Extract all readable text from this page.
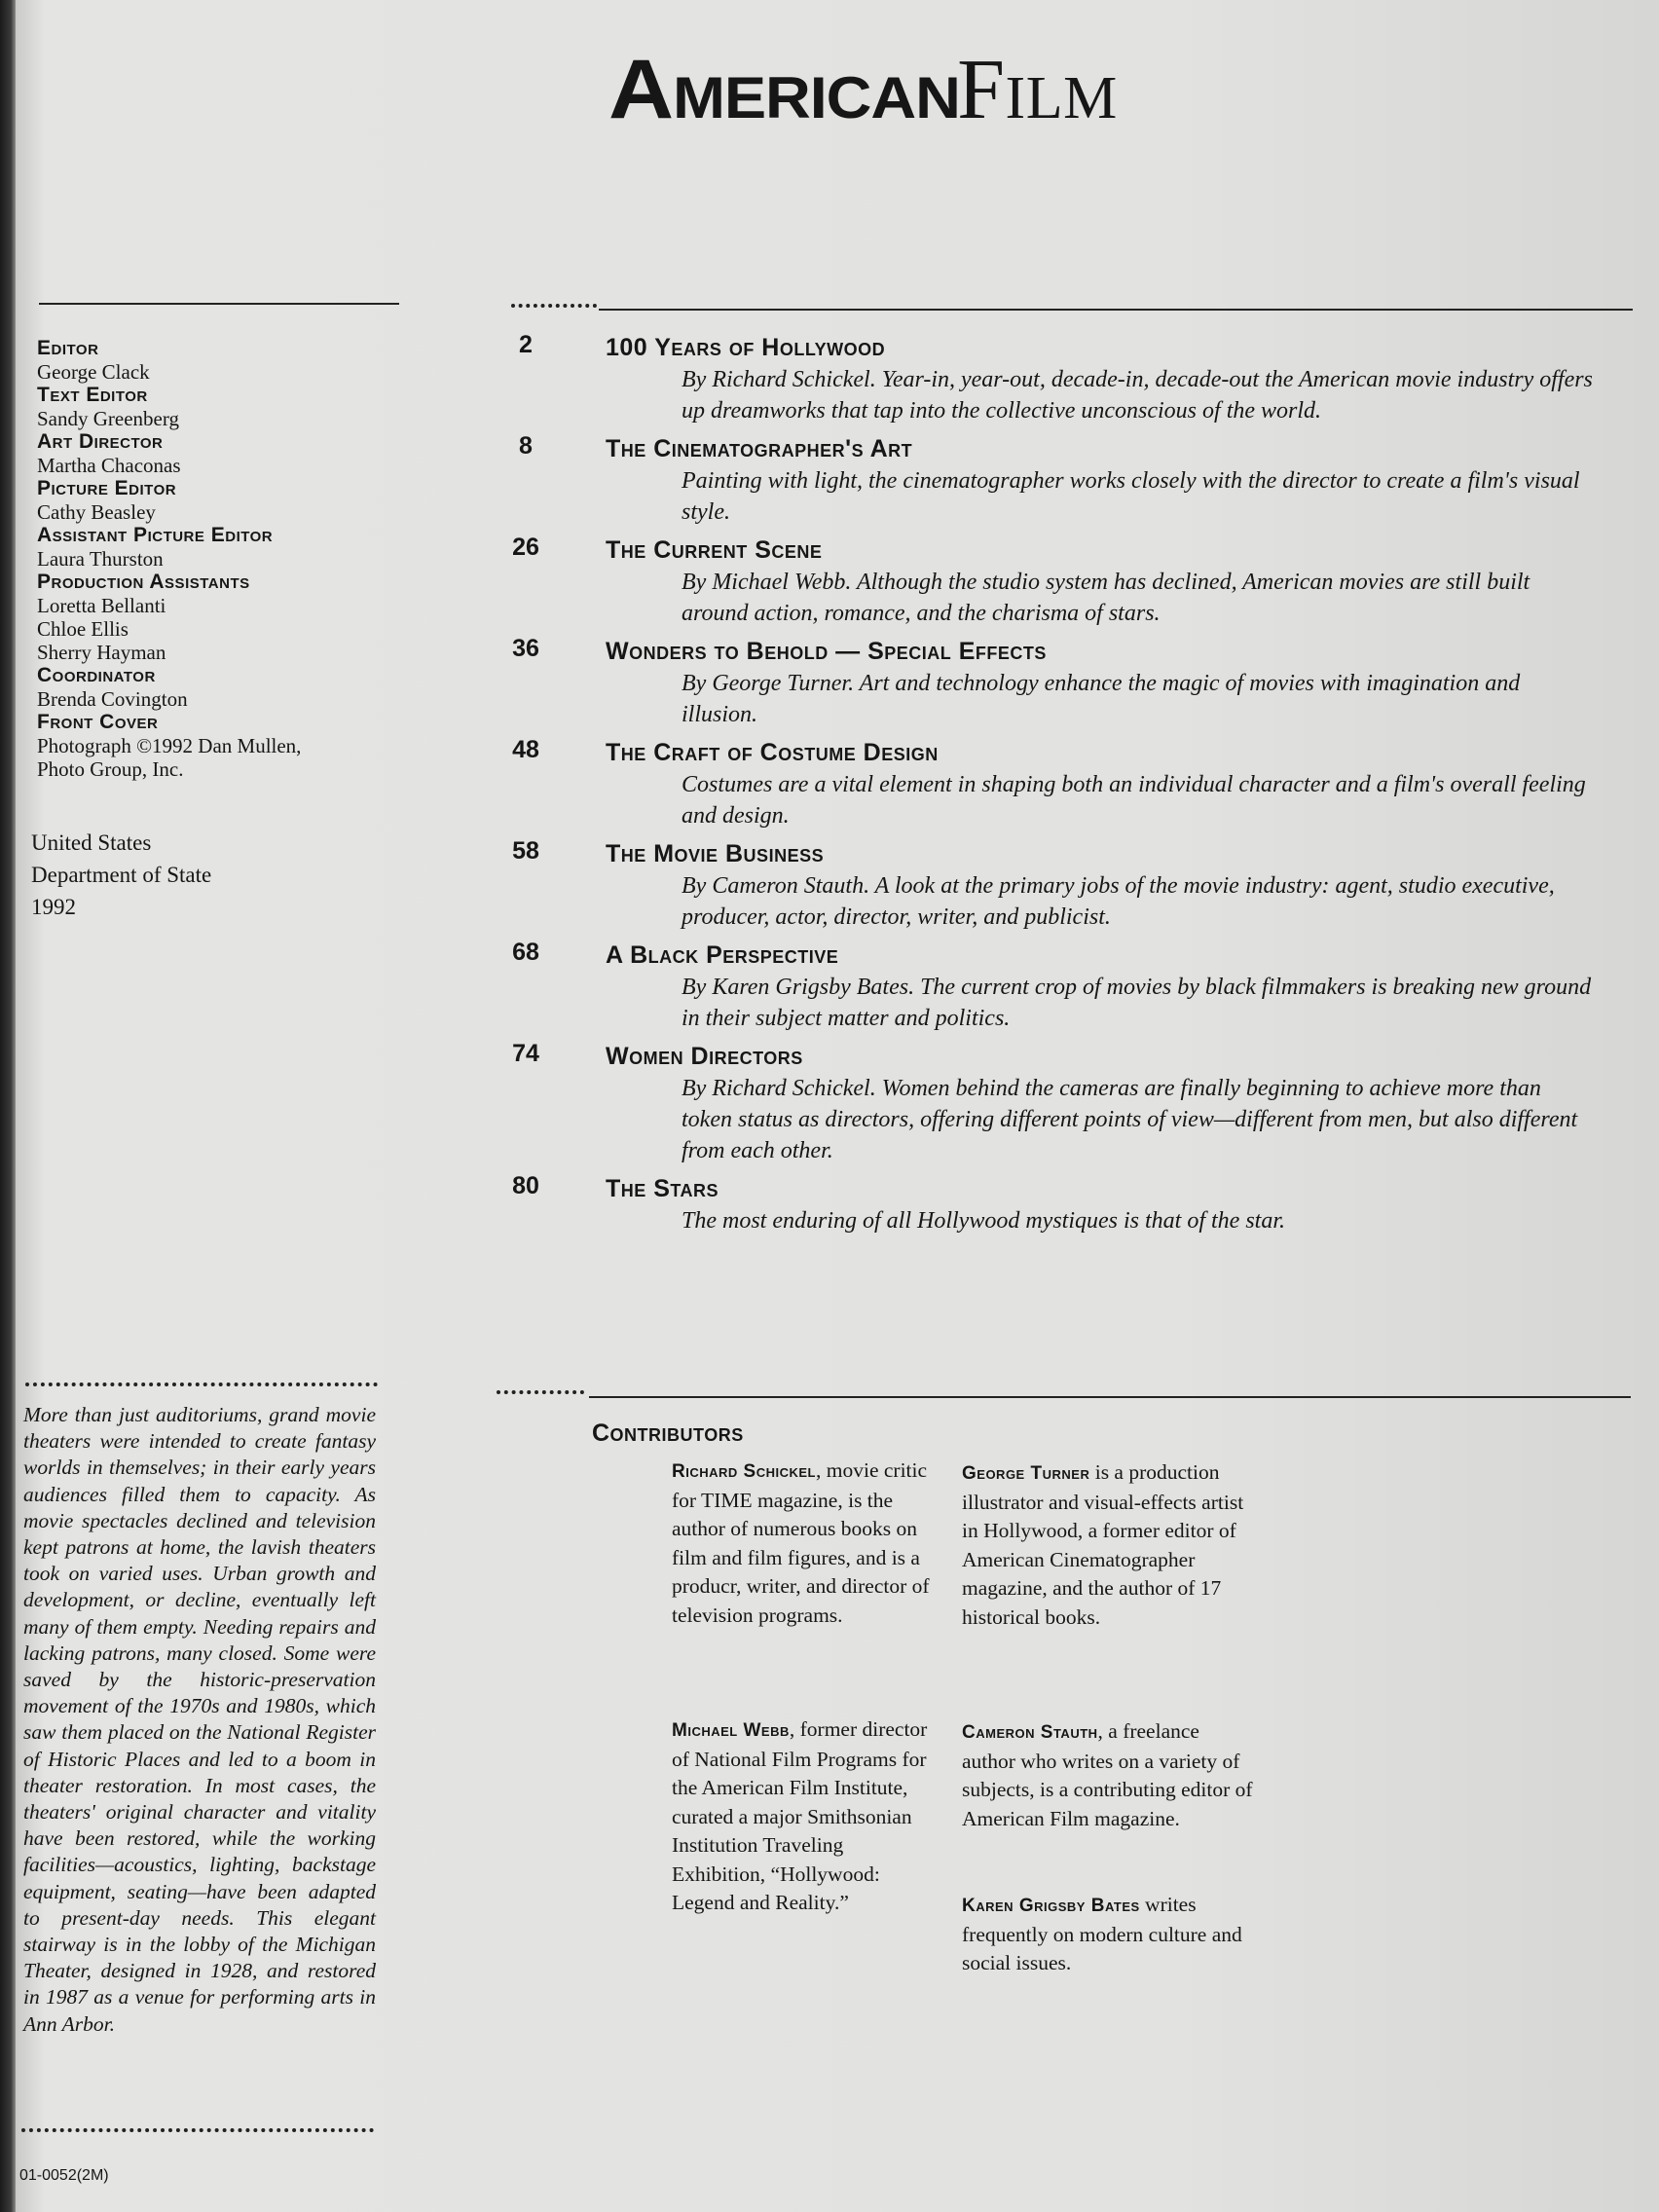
AmericanFilm
Editor
George Clack
Text Editor
Sandy Greenberg
Art Director
Martha Chaconas
Picture Editor
Cathy Beasley
Assistant Picture Editor
Laura Thurston
Production Assistants
Loretta Bellanti
Chloe Ellis
Sherry Hayman
Coordinator
Brenda Covington
Front Cover
Photograph ©1992 Dan Mullen,
Photo Group, Inc.
United States
Department of State
1992
More than just auditoriums, grand movie theaters were intended to create fantasy worlds in themselves; in their early years audiences filled them to capacity. As movie spectacles declined and television kept patrons at home, the lavish theaters took on varied uses. Urban growth and development, or decline, eventually left many of them empty. Needing repairs and lacking patrons, many closed. Some were saved by the historic-preservation movement of the 1970s and 1980s, which saw them placed on the National Register of Historic Places and led to a boom in theater restoration. In most cases, the theaters' original character and vitality have been restored, while the working facilities—acoustics, lighting, backstage equipment, seating—have been adapted to present-day needs. This elegant stairway is in the lobby of the Michigan Theater, designed in 1928, and restored in 1987 as a venue for performing arts in Ann Arbor.
01-0052(2M)
2	100 Years of Hollywood
By Richard Schickel. Year-in, year-out, decade-in, decade-out the American movie industry offers up dreamworks that tap into the collective unconscious of the world.
8	The Cinematographer's Art
Painting with light, the cinematographer works closely with the director to create a film's visual style.
26	The Current Scene
By Michael Webb. Although the studio system has declined, American movies are still built around action, romance, and the charisma of stars.
36	Wonders to Behold — Special Effects
By George Turner. Art and technology enhance the magic of movies with imagination and illusion.
48	The Craft of Costume Design
Costumes are a vital element in shaping both an individual character and a film's overall feeling and design.
58	The Movie Business
By Cameron Stauth. A look at the primary jobs of the movie industry: agent, studio executive, producer, actor, director, writer, and publicist.
68	A Black Perspective
By Karen Grigsby Bates. The current crop of movies by black filmmakers is breaking new ground in their subject matter and politics.
74	Women Directors
By Richard Schickel. Women behind the cameras are finally beginning to achieve more than token status as directors, offering different points of view—different from men, but also different from each other.
80	The Stars
The most enduring of all Hollywood mystiques is that of the star.
Contributors
Richard Schickel, movie critic for TIME magazine, is the author of numerous books on film and film figures, and is a producr, writer, and director of television programs.
Michael Webb, former director of National Film Programs for the American Film Institute, curated a major Smithsonian Institution Traveling Exhibition, “Hollywood: Legend and Reality.”
George Turner is a production illustrator and visual-effects artist in Hollywood, a former editor of American Cinematographer magazine, and the author of 17 historical books.
Cameron Stauth, a freelance author who writes on a variety of subjects, is a contributing editor of American Film magazine.
Karen Grigsby Bates writes frequently on modern culture and social issues.
